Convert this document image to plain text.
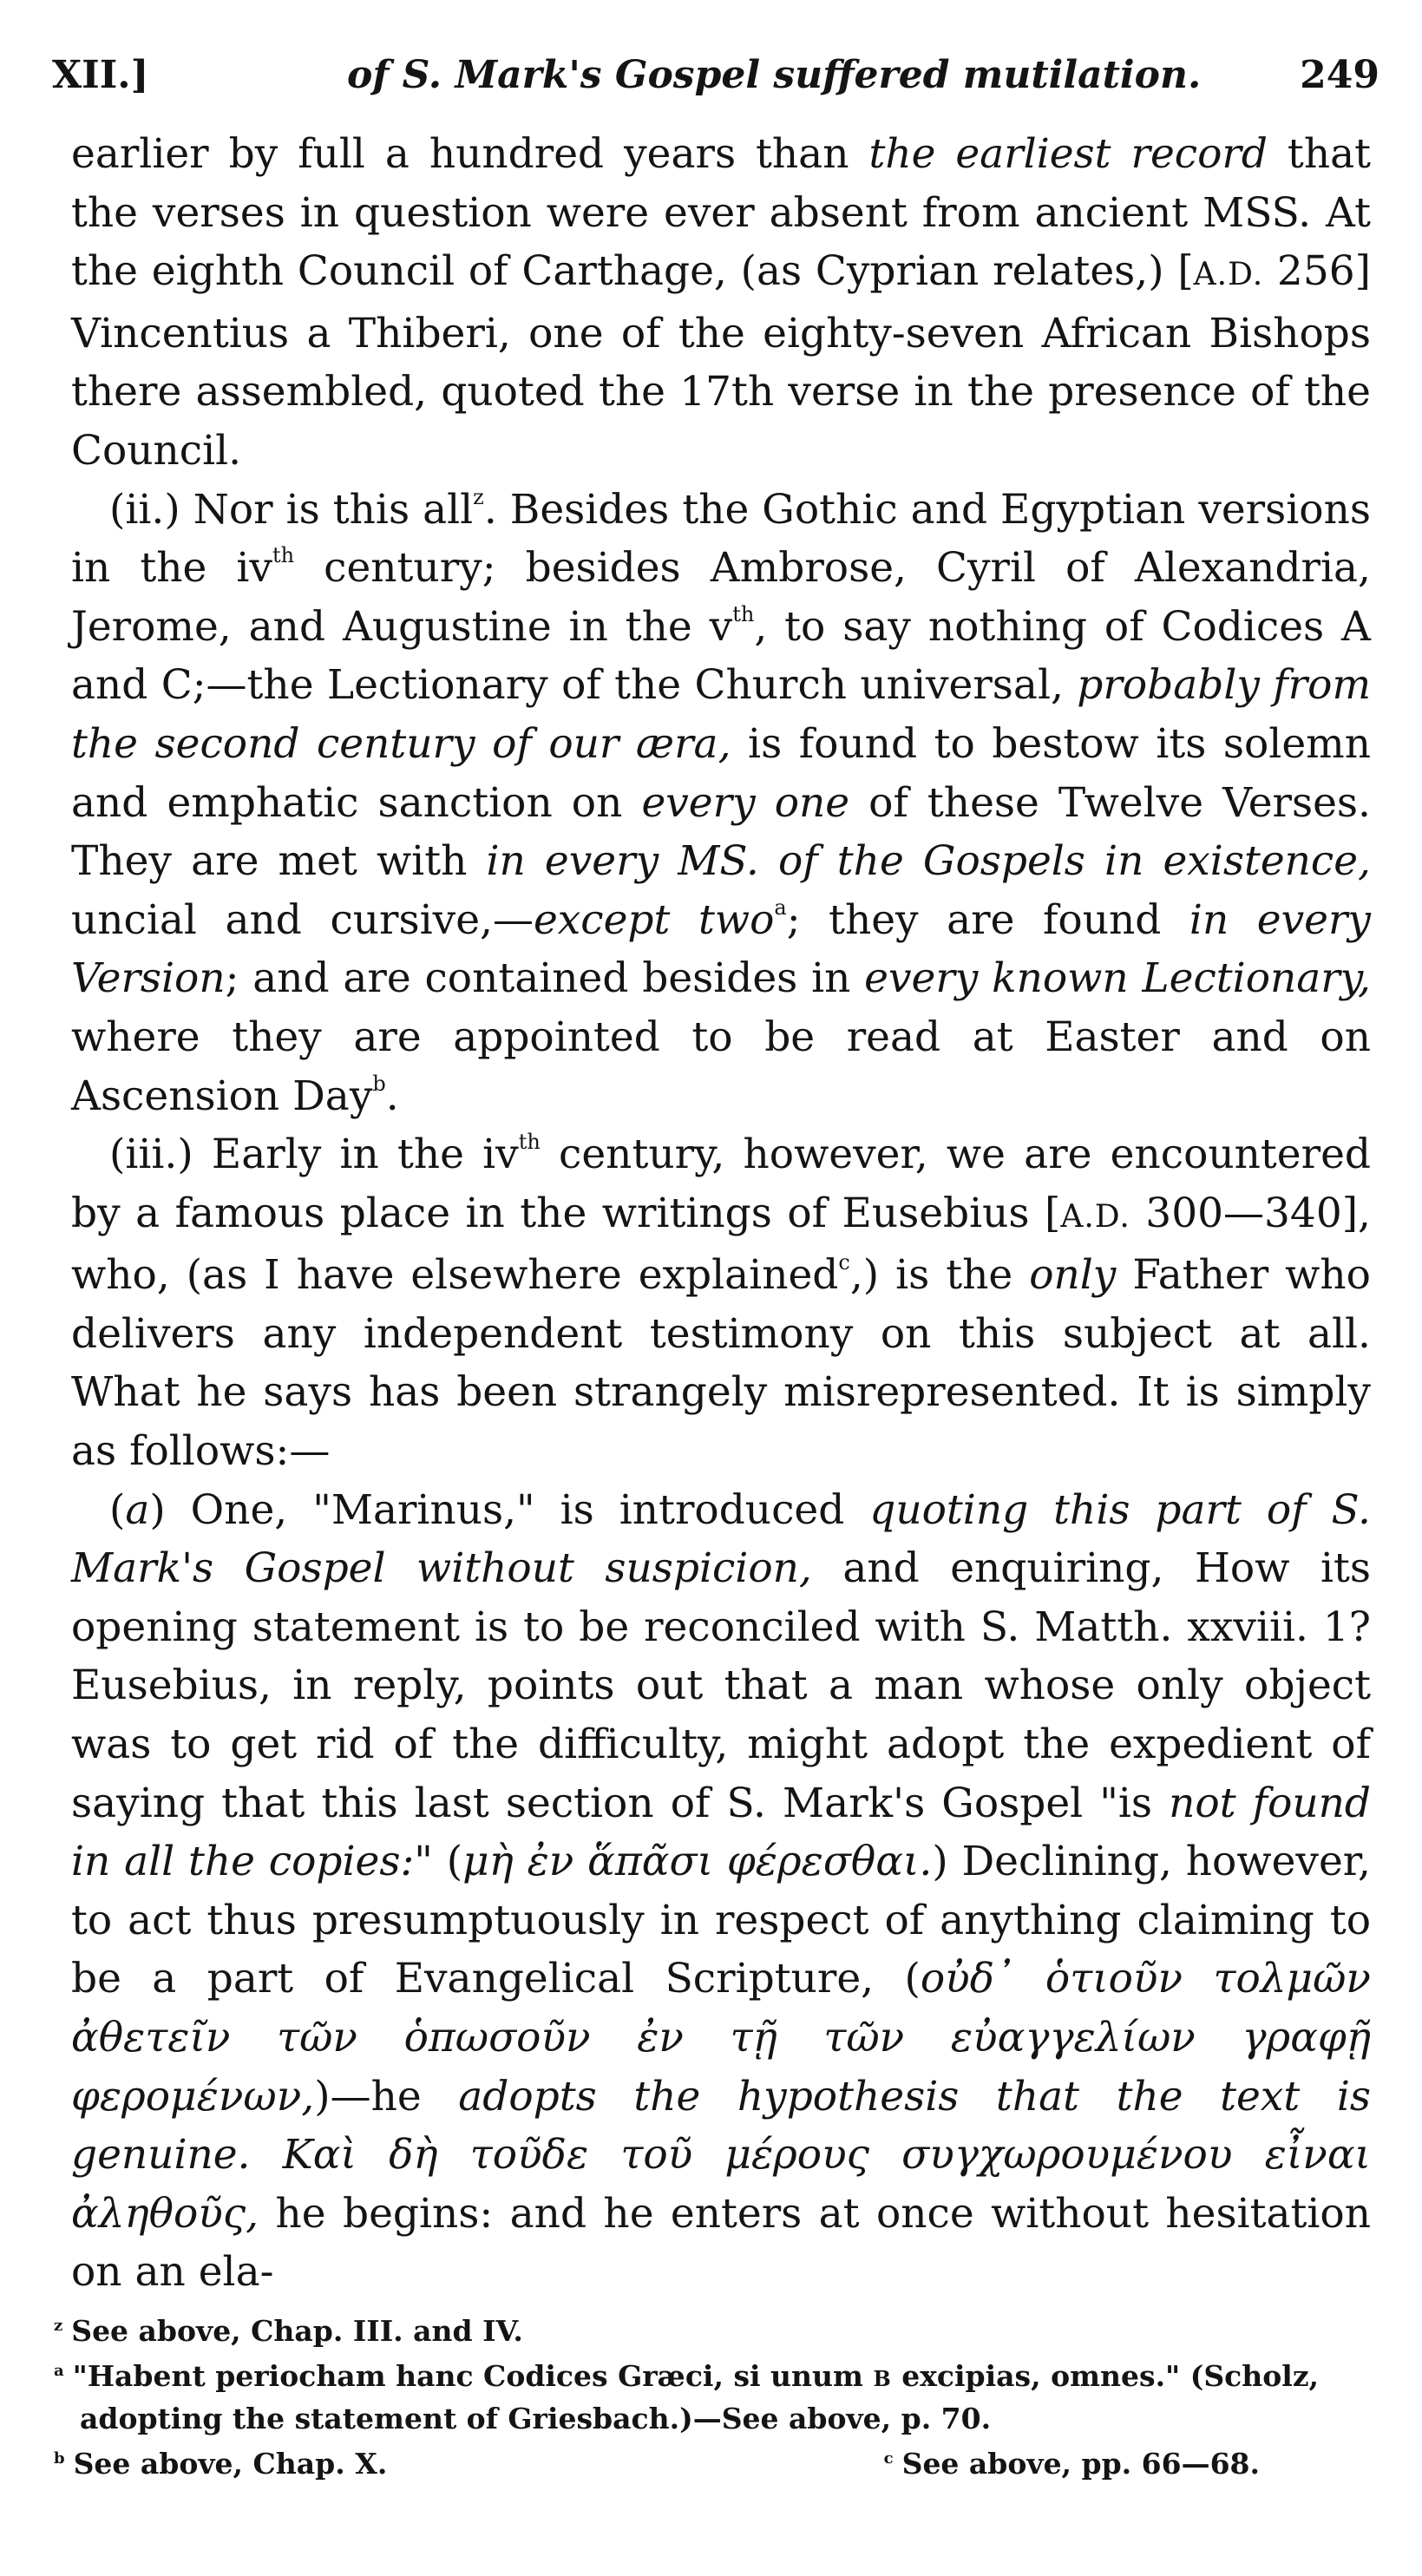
XII.]	of S. Mark's Gospel suffered mutilation.	249

earlier by full a hundred years than the earliest record that the verses in question were ever absent from ancient MSS. At the eighth Council of Carthage, (as Cyprian relates,) [A.D. 256] Vincentius a Thiberi, one of the eighty-seven African Bishops there assembled, quoted the 17th verse in the presence of the Council.

(ii.) Nor is this all$^z$. Besides the Gothic and Egyptian versions in the iv$^{th}$ century; besides Ambrose, Cyril of Alexandria, Jerome, and Augustine in the v$^{th}$, to say nothing of Codices A and C;—the Lectionary of the Church universal, probably from the second century of our æra, is found to bestow its solemn and emphatic sanction on every one of these Twelve Verses. They are met with in every MS. of the Gospels in existence, uncial and cursive,—except two$^a$; they are found in every Version; and are contained besides in every known Lectionary, where they are appointed to be read at Easter and on Ascension Day$^b$.

(iii.) Early in the iv$^{th}$ century, however, we are encountered by a famous place in the writings of Eusebius [A.D. 300—340], who, (as I have elsewhere explained$^c$,) is the only Father who delivers any independent testimony on this subject at all. What he says has been strangely misrepresented. It is simply as follows:—

(a) One, "Marinus," is introduced quoting this part of S. Mark's Gospel without suspicion, and enquiring, How its opening statement is to be reconciled with S. Matth. xxviii. 1? Eusebius, in reply, points out that a man whose only object was to get rid of the difficulty, might adopt the expedient of saying that this last section of S. Mark's Gospel "is not found in all the copies:" (μὴ ἐν ἅπᾶσι φέρεσθαι.) Declining, however, to act thus presumptuously in respect of anything claiming to be a part of Evangelical Scripture, (οὐδ᾽ ὁτιοῦν τολμῶν ἀθετεῖν τῶν ὁπωσοῦν ἐν τῇ τῶν εὐαγγελίων γραφῇ φερομένων,)—he adopts the hypothesis that the text is genuine. Καὶ δὴ τοῦδε τοῦ μέρους συγχωρουμένου εἶναι ἀληθοῦς, he begins: and he enters at once without hesitation on an ela-

$^z$ See above, Chap. III. and IV.

$^a$ "Habent periocham hanc Codices Græci, si unum B excipias, omnes." (Scholz, adopting the statement of Griesbach.)—See above, p. 70.

$^b$ See above, Chap. X.	$^c$ See above, pp. 66—68.
